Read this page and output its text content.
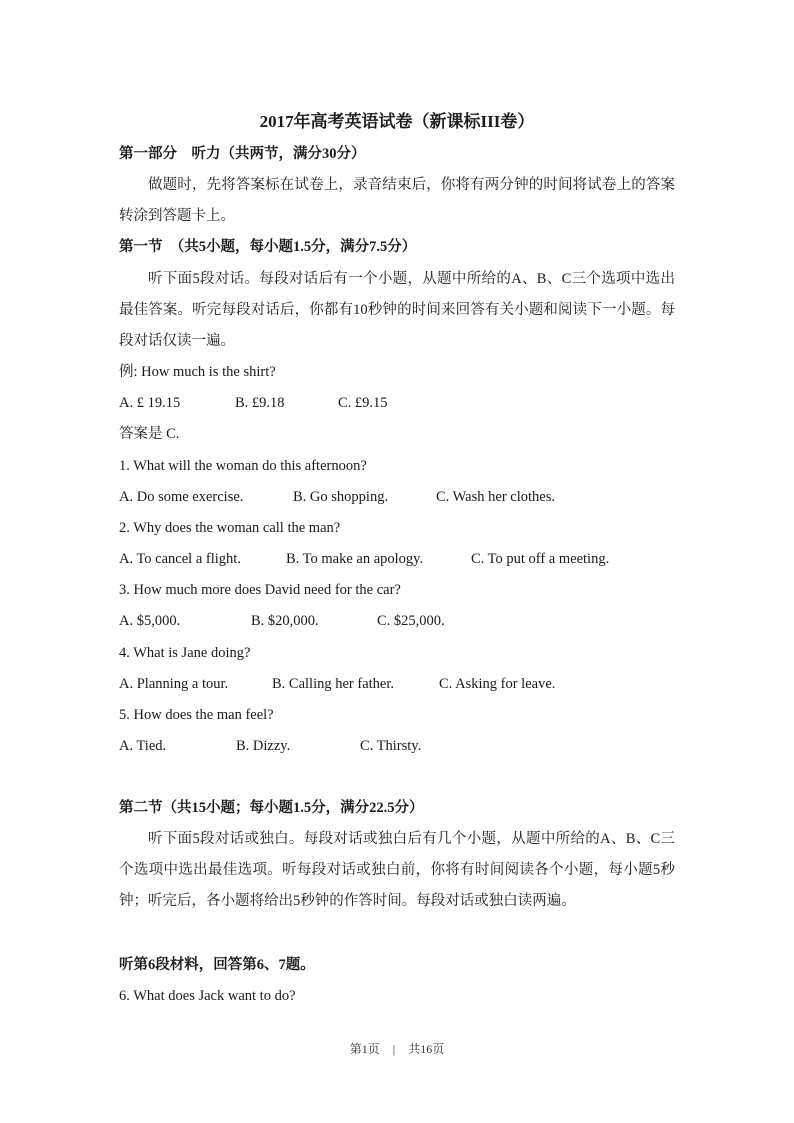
2017年高考英语试卷（新课标III卷）
第一部分　听力（共两节，满分30分）

做题时，先将答案标在试卷上，录音结束后，你将有两分钟的时间将试卷上的答案转涂到答题卡上。

第一节　（共5小题，每小题1.5分，满分7.5分）

听下面5段对话。每段对话后有一个小题，从题中所给的A、B、C三个选项中选出最佳答案。听完每段对话后，你都有10秒钟的时间来回答有关小题和阅读下一小题。每段对话仅读一遍。

例: How much is the shirt?
A. £ 19.15	B. £9.18	C. £9.15
答案是 C.
1. What will the woman do this afternoon?
A. Do some exercise.	B. Go shopping.	C. Wash her clothes.
2. Why does the woman call the man?
A. To cancel a flight.	B. To make an apology.	C. To put off a meeting.
3. How much more does David need for the car?
A. $5,000.	B. $20,000.	C. $25,000.
4. What is Jane doing?
A. Planning a tour.	B. Calling her father.	C. Asking for leave.
5. How does the man feel?
A. Tied.	B. Dizzy.	C. Thirsty.
第二节（共15小题；每小题1.5分，满分22.5分）

听下面5段对话或独白。每段对话或独白后有几个小题，从题中所给的A、B、C三个选项中选出最佳选项。听每段对话或独白前，你将有时间阅读各个小题，每小题5秒钟；听完后，各小题将给出5秒钟的作答时间。每段对话或独白读两遍。

听第6段材料，回答第6、7题。
6. What does Jack want to do?
第1页 | 共16页
